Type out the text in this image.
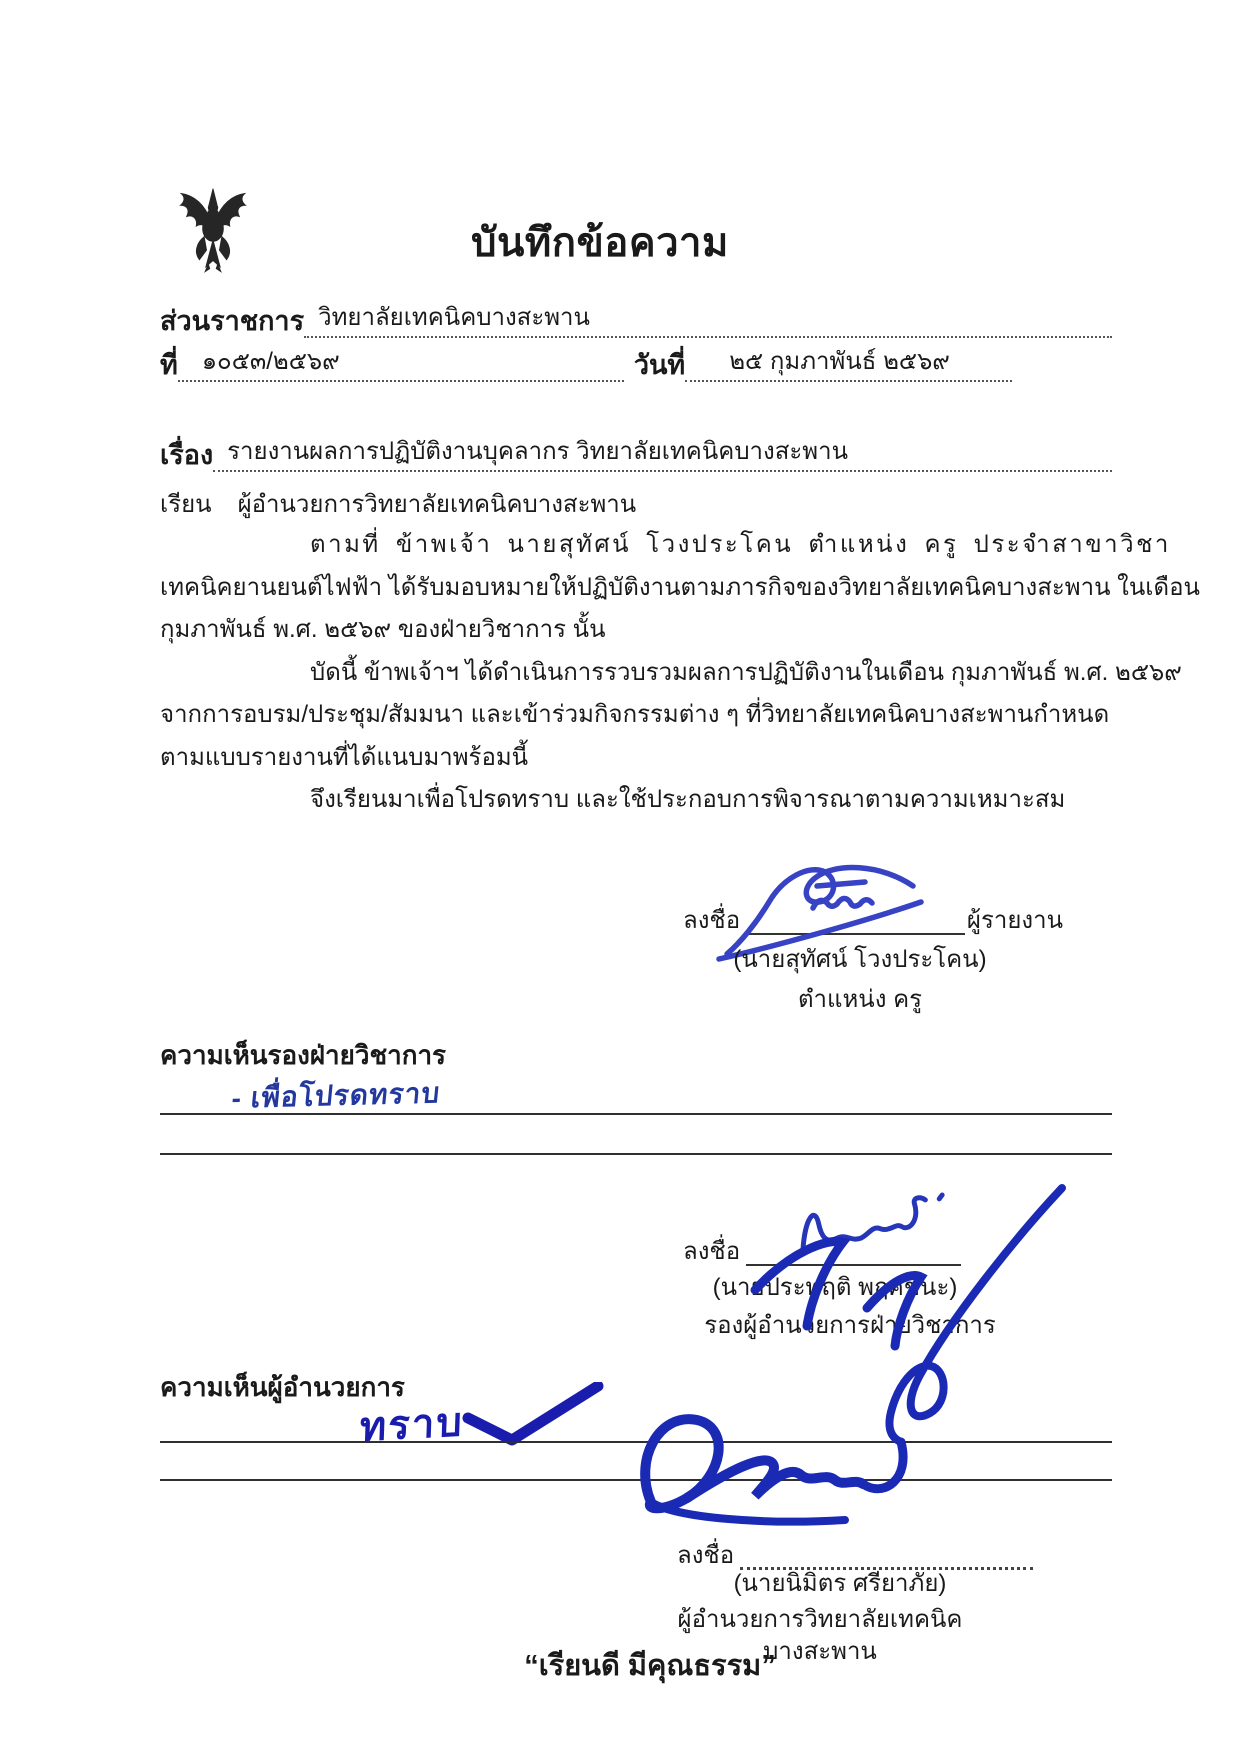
บันทึกข้อความ
ส่วนราชการ วิทยาลัยเทคนิคบางสะพาน
ที่	๑๐๕๓/๒๕๖๙	วันที่	๒๕ กุมภาพันธ์ ๒๕๖๙
เรื่อง รายงานผลการปฏิบัติงานบุคลากร วิทยาลัยเทคนิคบางสะพาน
เรียน ผู้อำนวยการวิทยาลัยเทคนิคบางสะพาน
ตามที่ ข้าพเจ้า นายสุทัศน์ โวงประโคน ตำแหน่ง ครู ประจำสาขาวิชา
เทคนิคยานยนต์ไฟฟ้า ได้รับมอบหมายให้ปฏิบัติงานตามภารกิจของวิทยาลัยเทคนิคบางสะพาน ในเดือน
กุมภาพันธ์ พ.ศ. ๒๕๖๙ ของฝ่ายวิชาการ นั้น
บัดนี้ ข้าพเจ้าฯ ได้ดำเนินการรวบรวมผลการปฏิบัติงานในเดือน กุมภาพันธ์ พ.ศ. ๒๕๖๙
จากการอบรม/ประชุม/สัมมนา และเข้าร่วมกิจกรรมต่าง ๆ ที่วิทยาลัยเทคนิคบางสะพานกำหนด
ตามแบบรายงานที่ได้แนบมาพร้อมนี้
จึงเรียนมาเพื่อโปรดทราบ และใช้ประกอบการพิจารณาตามความเหมาะสม
ลงชื่อ	ผู้รายงาน
(นายสุทัศน์ โวงประโคน)
ตำแหน่ง ครู
ความเห็นรองฝ่ายวิชาการ
- เพื่อโปรดทราบ
ลงชื่อ
(นายประพฤติ พฤศชนะ)
รองผู้อำนวยการฝ่ายวิชาการ
ความเห็นผู้อำนวยการ
ทราบ
ลงชื่อ
(นายนิมิตร ศรียาภัย)
ผู้อำนวยการวิทยาลัยเทคนิคบางสะพาน
“เรียนดี มีคุณธรรม”
